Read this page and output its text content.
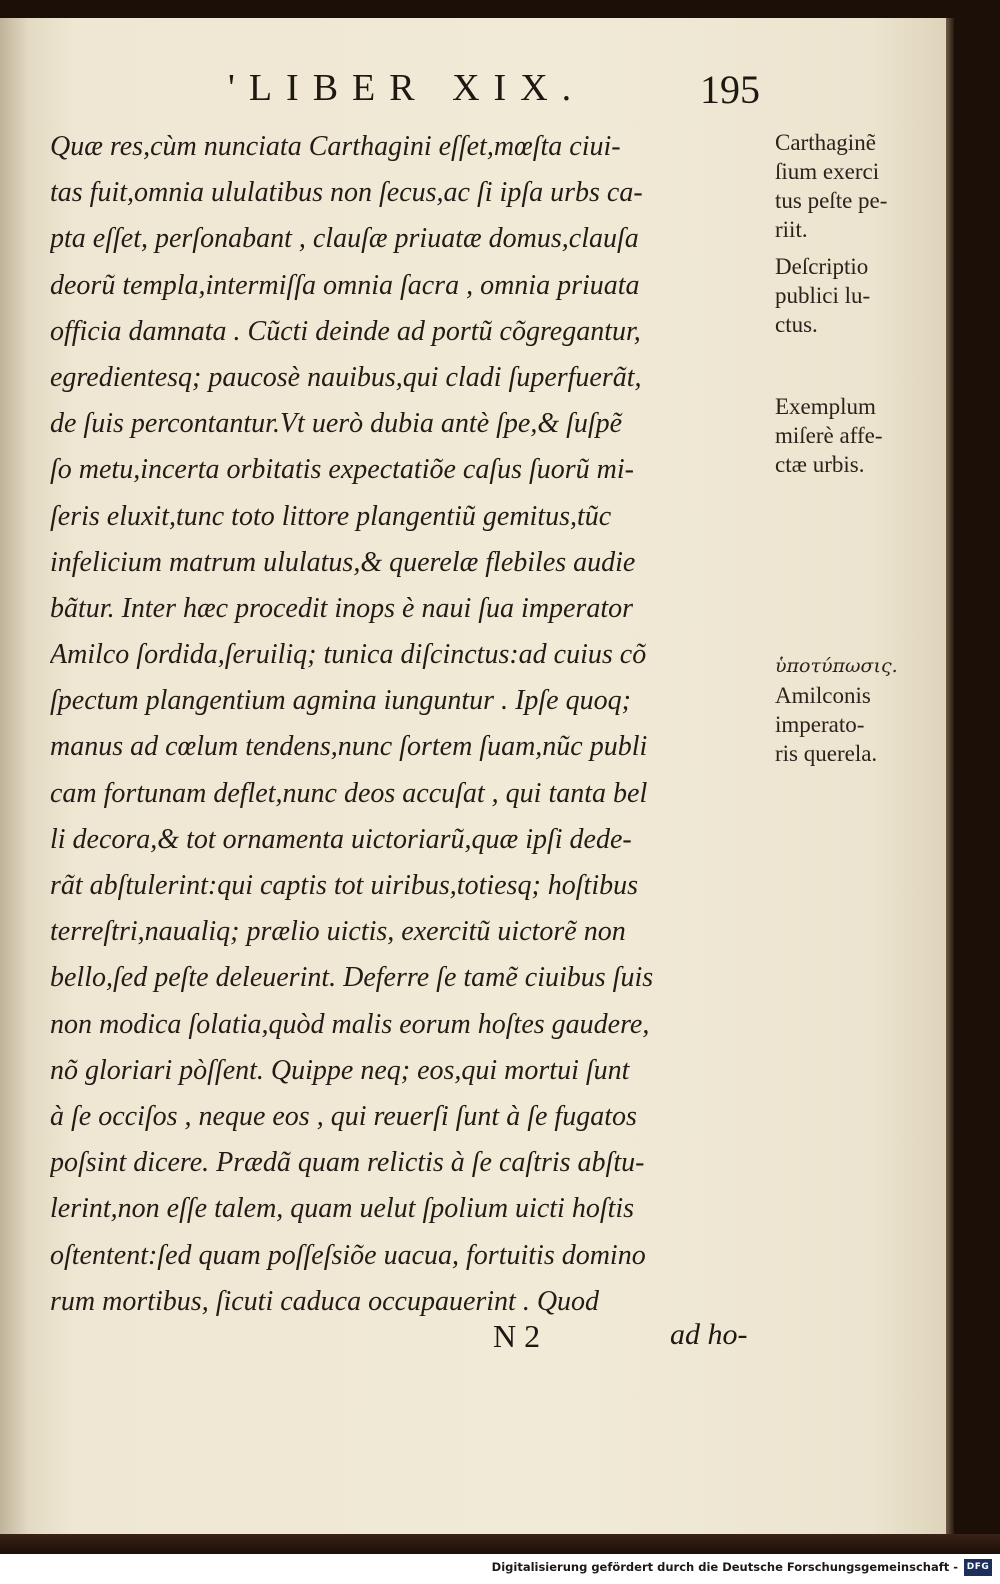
'LIBER XIX.	195
Quæ res,cùm nunciata Carthagini eſſet,mœſta ciui-
tas fuit,omnia ululatibus non ſecus,ac ſi ipſa urbs ca-
pta eſſet, perſonabant , clauſæ priuatæ domus,clauſa
deorũ templa,intermiſſa omnia ſacra , omnia priuata
officia damnata . Cũcti deinde ad portũ cõgregantur,
egredientesq; paucosè nauibus,qui cladi ſuperfuerãt,
de ſuis percontantur.Vt uerò dubia antè ſpe,& ſuſpẽ
ſo metu,incerta orbitatis expectatiõe caſus ſuorũ mi-
ſeris eluxit,tunc toto littore plangentiũ gemitus,tũc
infelicium matrum ululatus,& querelæ flebiles audie
bãtur. Inter hæc procedit inops è naui ſua imperator
Amilco ſordida,ſeruiliq; tunica diſcinctus:ad cuius cõ
ſpectum plangentium agmina iunguntur . Ipſe quoq;
manus ad cœlum tendens,nunc ſortem ſuam,nũc publi
cam fortunam deflet,nunc deos accuſat , qui tanta bel
li decora,& tot ornamenta uictoriarũ,quæ ipſi dede-
rãt abſtulerint:qui captis tot uiribus,totiesq; hoſtibus
terreſtri,naualiq; prælio uictis, exercitũ uictorẽ non
bello,ſed peſte deleuerint. Deferre ſe tamẽ ciuibus ſuis
non modica ſolatia,quòd malis eorum hoſtes gaudere,
nõ gloriari pòſſent. Quippe neq; eos,qui mortui ſunt
à ſe occiſos , neque eos , qui reuerſi ſunt à ſe fugatos
poſsint dicere. Prædã quam relictis à ſe caſtris abſtu-
lerint,non eſſe talem, quam uelut ſpolium uicti hoſtis
oſtentent:ſed quam poſſeſsiõe uacua, fortuitis domino
rum mortibus, ſicuti caduca occupauerint . Quod
N 2	ad ho-
Carthaginẽ
ſium exerci
tus peſte pe-
riit.
Deſcriptio
publici lu-
ctus.
Exemplum
miſerè affe-
ctæ urbis.
ὑποτύπωσις.
Amilconis
imperato-
ris querela.
Digitalisierung gefördert durch die Deutsche Forschungsgemeinschaft - DFG
